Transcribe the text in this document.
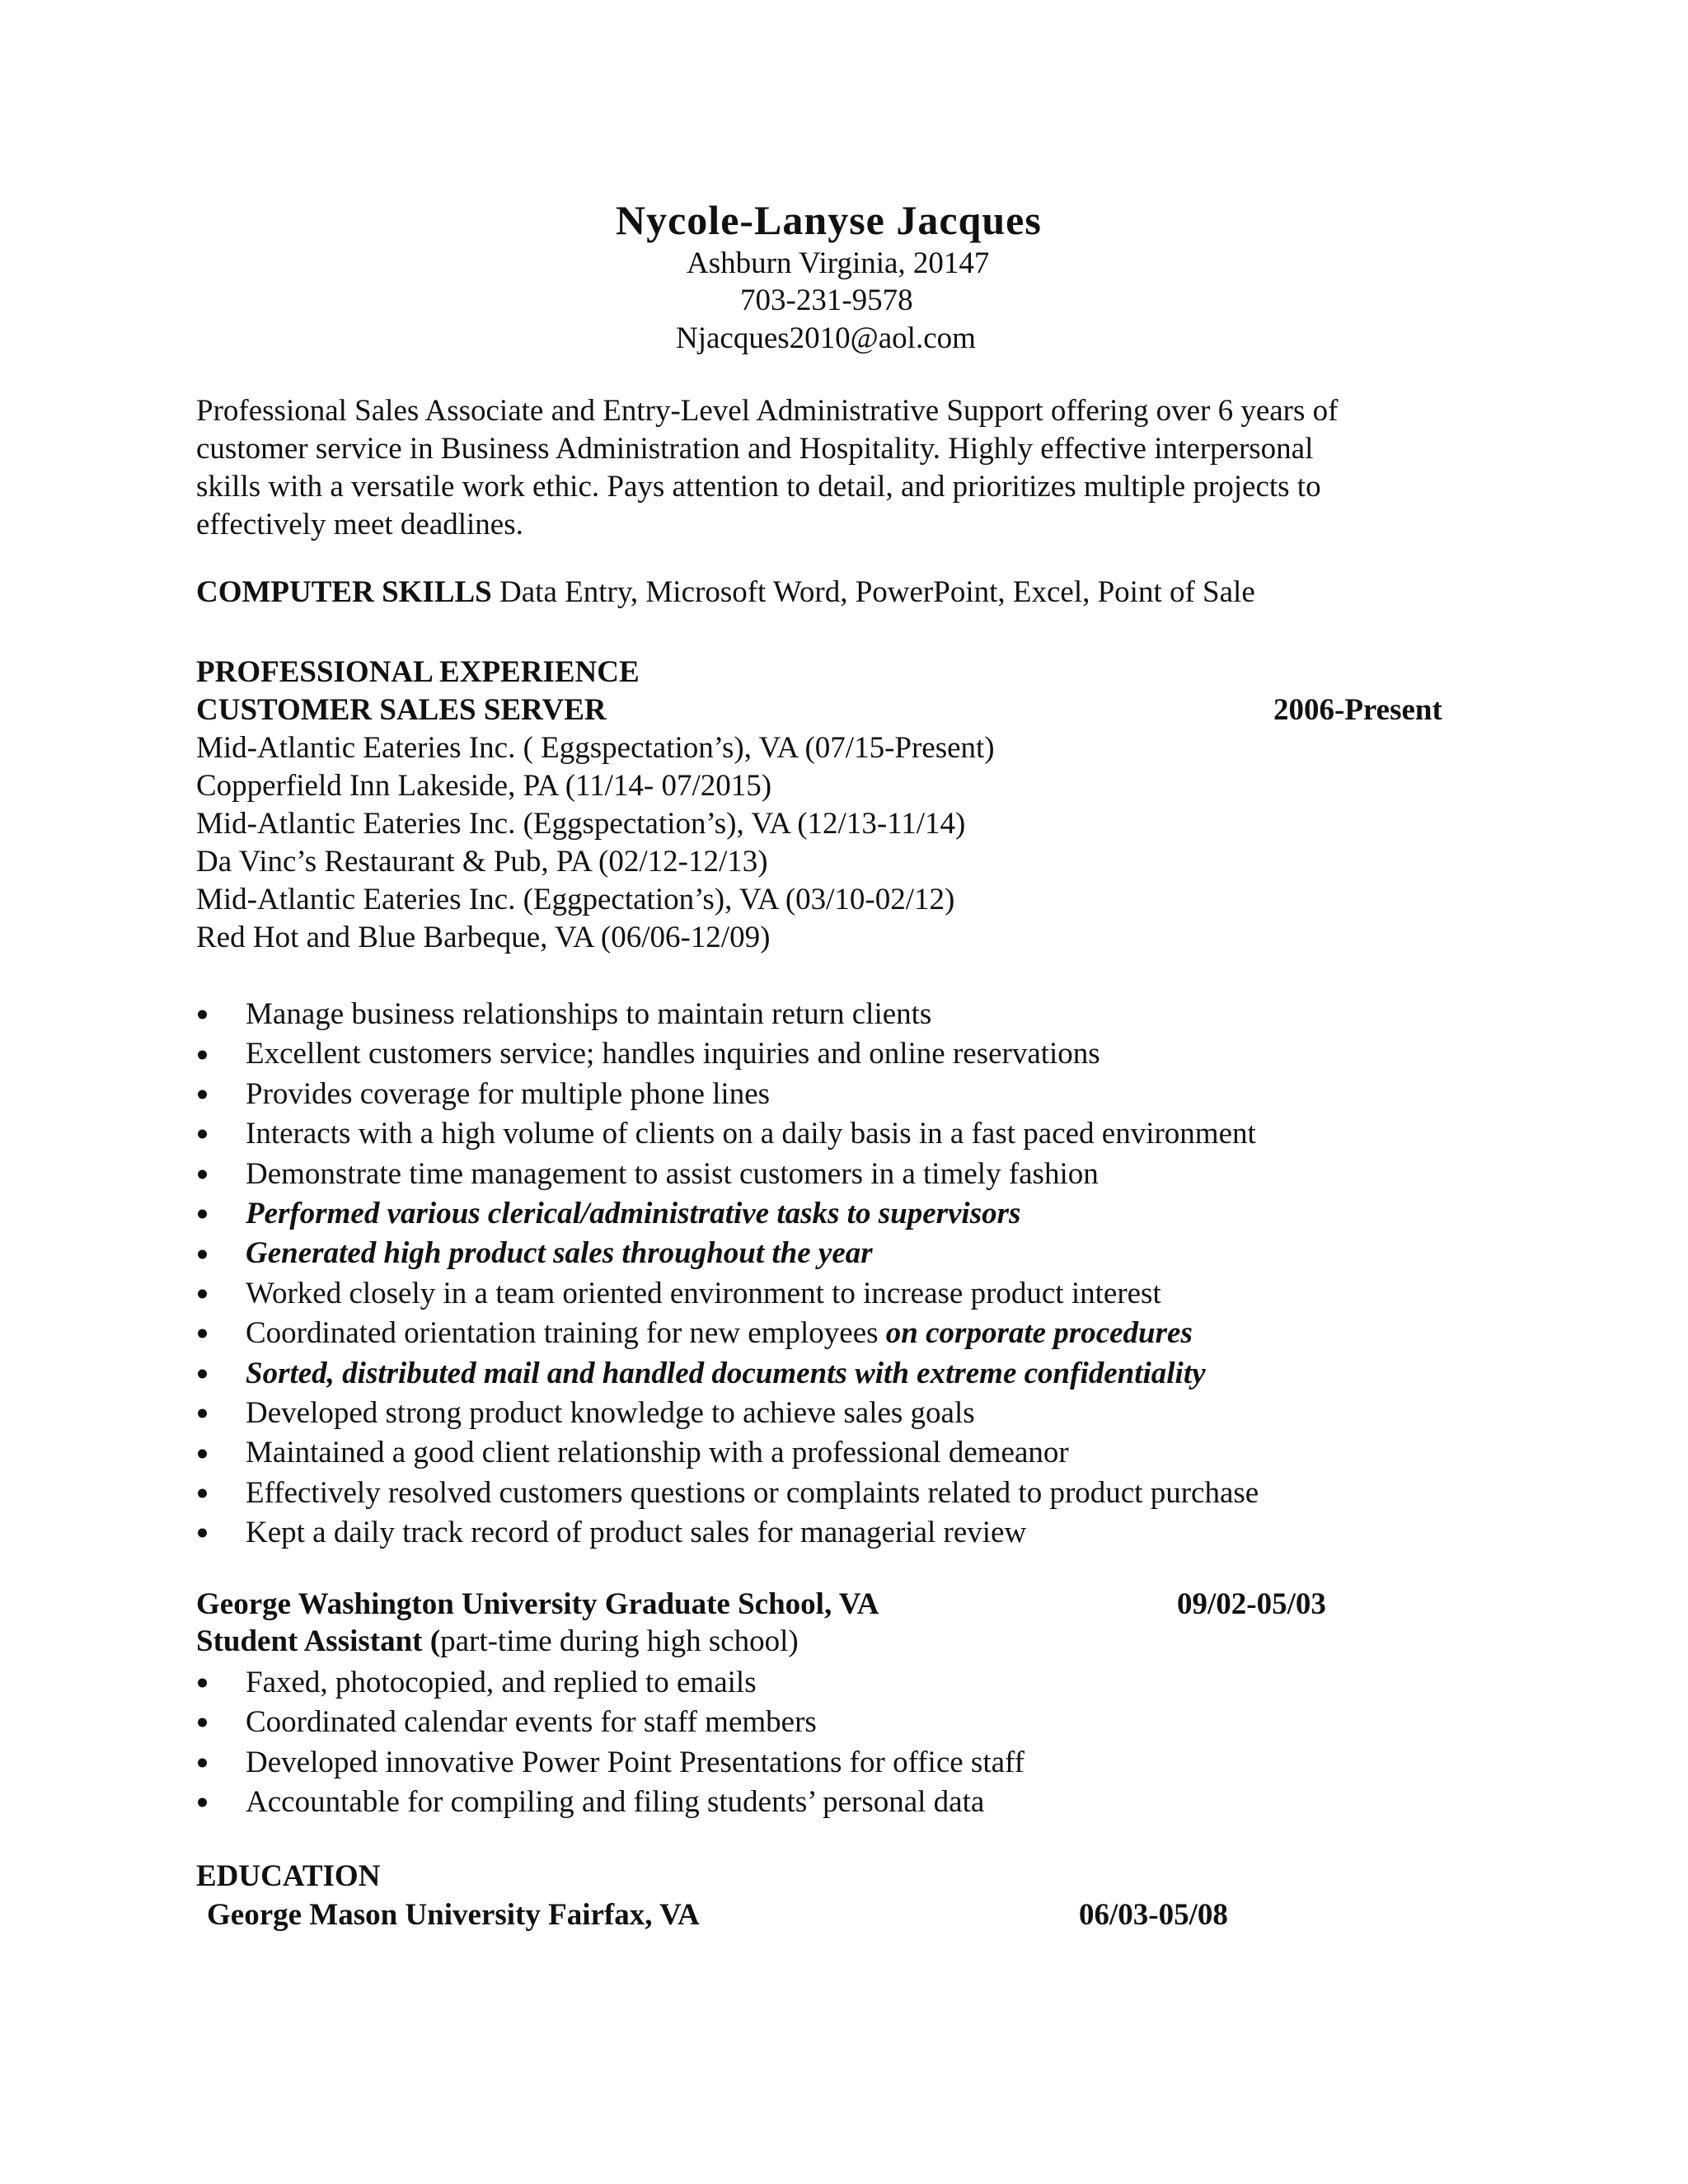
Nycole-Lanyse Jacques
Ashburn Virginia, 20147
703-231-9578
Njacques2010@aol.com
Professional Sales Associate and Entry-Level Administrative Support offering over 6 years of
customer service in Business Administration and Hospitality. Highly effective interpersonal
skills with a versatile work ethic. Pays attention to detail, and prioritizes multiple projects to
effectively meet deadlines.
COMPUTER SKILLS Data Entry, Microsoft Word, PowerPoint, Excel, Point of Sale
PROFESSIONAL EXPERIENCE
CUSTOMER SALES SERVER	2006-Present
Mid-Atlantic Eateries Inc. ( Eggspectation’s), VA (07/15-Present)
Copperfield Inn Lakeside, PA (11/14- 07/2015)
Mid-Atlantic Eateries Inc. (Eggspectation’s), VA (12/13-11/14)
Da Vinc’s Restaurant & Pub, PA (02/12-12/13)
Mid-Atlantic Eateries Inc. (Eggpectation’s), VA (03/10-02/12)
Red Hot and Blue Barbeque, VA (06/06-12/09)
Manage business relationships to maintain return clients
Excellent customers service; handles inquiries and online reservations
Provides coverage for multiple phone lines
Interacts with a high volume of clients on a daily basis in a fast paced environment
Demonstrate time management to assist customers in a timely fashion
Performed various clerical/administrative tasks to supervisors
Generated high product sales throughout the year
Worked closely in a team oriented environment to increase product interest
Coordinated orientation training for new employees on corporate procedures
Sorted, distributed mail and handled documents with extreme confidentiality
Developed strong product knowledge to achieve sales goals
Maintained a good client relationship with a professional demeanor
Effectively resolved customers questions or complaints related to product purchase
Kept a daily track record of product sales for managerial review
George Washington University Graduate School, VA	09/02-05/03
Student Assistant (part-time during high school)
Faxed, photocopied, and replied to emails
Coordinated calendar events for staff members
Developed innovative Power Point Presentations for office staff
Accountable for compiling and filing students’ personal data
EDUCATION
George Mason University Fairfax, VA	06/03-05/08
